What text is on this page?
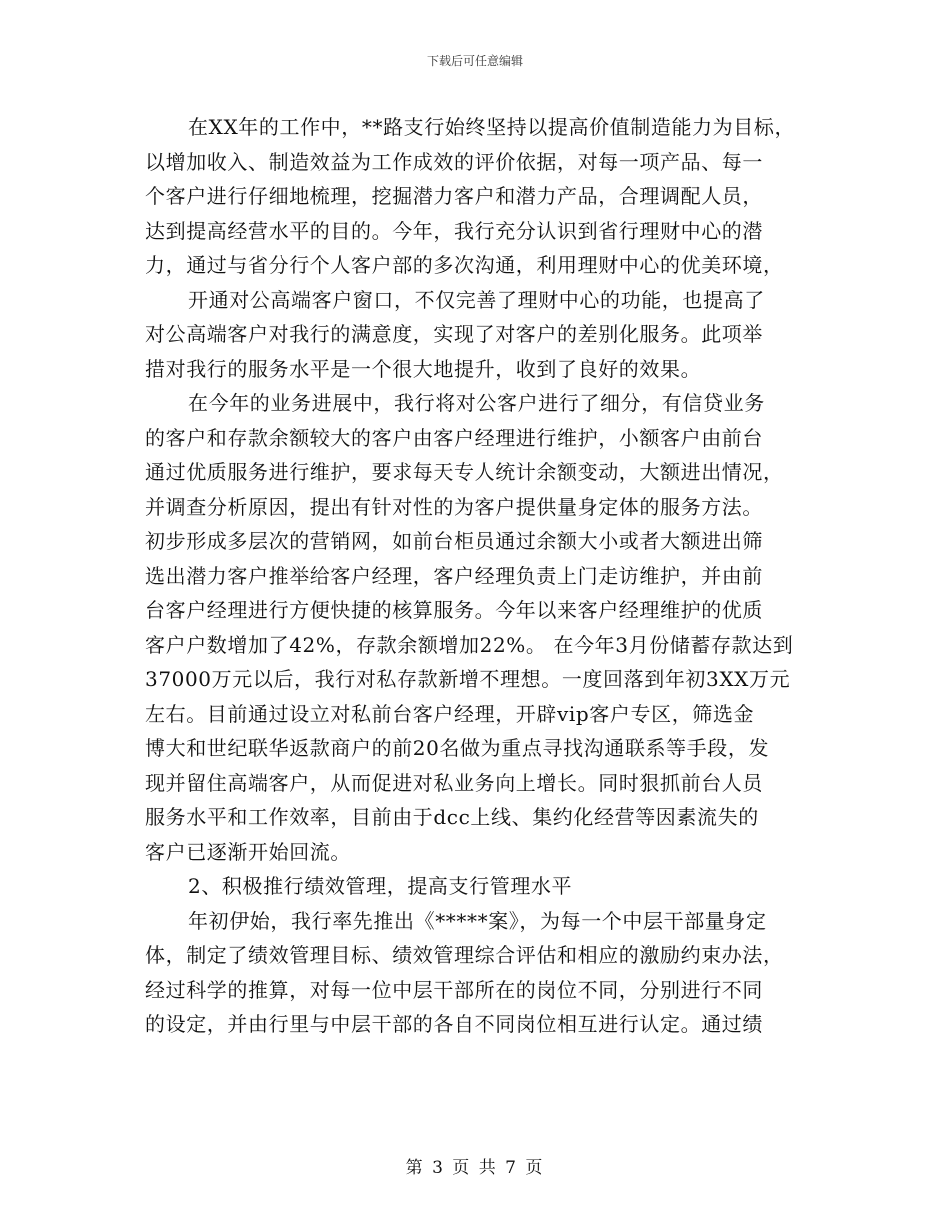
下载后可任意编辑
在XX年的工作中，**路支行始终坚持以提高价值制造能力为目标，
以增加收入、制造效益为工作成效的评价依据，对每一项产品、每一
个客户进行仔细地梳理，挖掘潜力客户和潜力产品，合理调配人员，
达到提高经营水平的目的。今年，我行充分认识到省行理财中心的潜
力，通过与省分行个人客户部的多次沟通，利用理财中心的优美环境，
开通对公高端客户窗口，不仅完善了理财中心的功能，也提高了
对公高端客户对我行的满意度，实现了对客户的差别化服务。此项举
措对我行的服务水平是一个很大地提升，收到了良好的效果。
在今年的业务进展中，我行将对公客户进行了细分，有信贷业务
的客户和存款余额较大的客户由客户经理进行维护，小额客户由前台
通过优质服务进行维护，要求每天专人统计余额变动，大额进出情况，
并调查分析原因，提出有针对性的为客户提供量身定体的服务方法。
初步形成多层次的营销网，如前台柜员通过余额大小或者大额进出筛
选出潜力客户推举给客户经理，客户经理负责上门走访维护，并由前
台客户经理进行方便快捷的核算服务。今年以来客户经理维护的优质
客户户数增加了42%，存款余额增加22%。 在今年3月份储蓄存款达到
37000万元以后，我行对私存款新增不理想。一度回落到年初3XX万元
左右。目前通过设立对私前台客户经理，开辟vip客户专区，筛选金
博大和世纪联华返款商户的前20名做为重点寻找沟通联系等手段，发
现并留住高端客户，从而促进对私业务向上增长。同时狠抓前台人员
服务水平和工作效率，目前由于dcc上线、集约化经营等因素流失的
客户已逐渐开始回流。
2、积极推行绩效管理，提高支行管理水平
年初伊始，我行率先推出《*****案》，为每一个中层干部量身定
体，制定了绩效管理目标、绩效管理综合评估和相应的激励约束办法，
经过科学的推算，对每一位中层干部所在的岗位不同，分别进行不同
的设定，并由行里与中层干部的各自不同岗位相互进行认定。通过绩
第 3 页 共 7 页
